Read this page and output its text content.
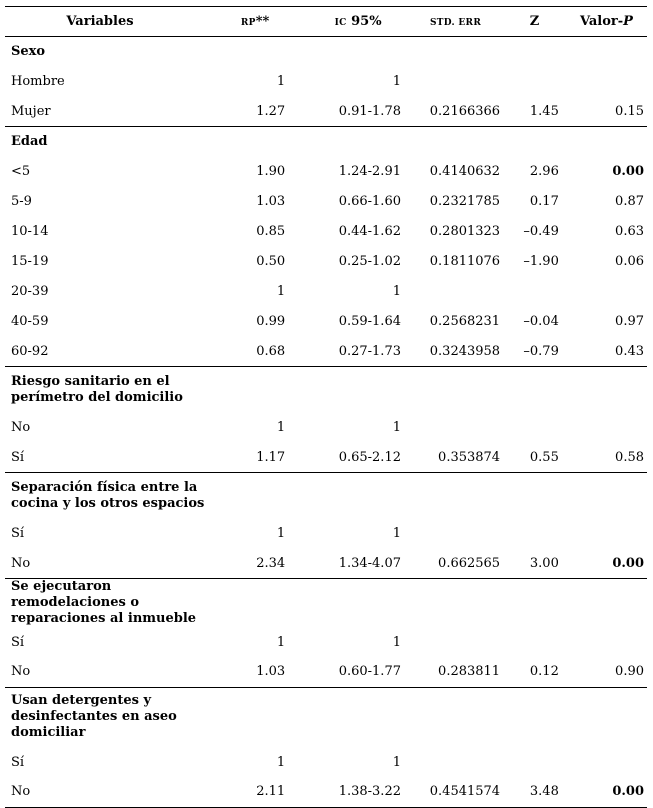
Variables	RP**	IC 95%	STD. ERR	Z	Valor-P

Sexo					

Hombre	1	1			
Mujer	1.27	0.91-1.78	0.2166366	1.45	0.15

Edad					

<5	1.90	1.24-2.91	0.4140632	2.96	0.00
5-9	1.03	0.66-1.60	0.2321785	0.17	0.87
10-14	0.85	0.44-1.62	0.2801323	–0.49	0.63
15-19	0.50	0.25-1.02	0.1811076	–1.90	0.06
20-39	1	1			
40-59	0.99	0.59-1.64	0.2568231	–0.04	0.97
60-92	0.68	0.27-1.73	0.3243958	–0.79	0.43

Riesgo sanitario en el perímetro del domicilio					

No	1	1			
Sí	1.17	0.65-2.12	0.353874	0.55	0.58

Separación física entre la cocina y los otros espacios					

Sí	1	1			
No	2.34	1.34-4.07	0.662565	3.00	0.00

Se ejecutaron remodelaciones o reparaciones al inmueble					

Sí	1	1			
No	1.03	0.60-1.77	0.283811	0.12	0.90

Usan detergentes y desinfectantes en aseo domiciliar					

Sí	1	1			
No	2.11	1.38-3.22	0.4541574	3.48	0.00
